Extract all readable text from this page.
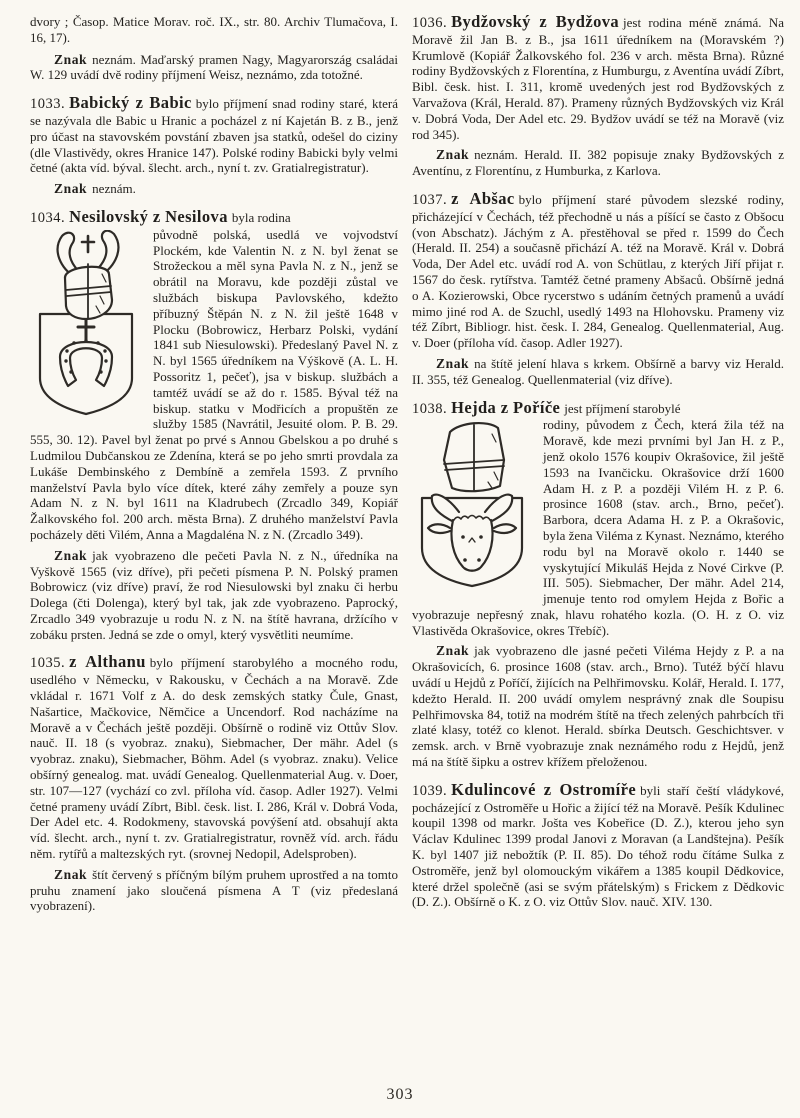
dvory ; Časop. Matice Morav. roč. IX., str. 80. Archiv Tlumačova, I. 16, 17).

Znak neznám. Maďarský pramen Nagy, Magyarország családai W. 129 uvádí dvě rodiny příjmení Weisz, neznámo, zda totožné.

1033. Babický z Babic bylo příjmení snad rodiny staré, která se nazývala dle Babic u Hranic a pocházel z ní Kajetán B. z B., jenž pro účast na stavovském povstání zbaven jsa statků, odešel do ciziny (dle Vlastivědy, okres Hranice 147). Polské rodiny Babicki byly velmi četné (akta víd. býval. šlecht. arch., nyní t. zv. Gratialregistratur).

Znak neznám.

1034. Nesilovský z Nesilova byla rodina

původně polská, usedlá ve vojvodství Plockém, kde Valentin N. z N. byl ženat se Strožeckou a měl syna Pavla N. z N., jenž se obrátil na Moravu, kde později zůstal ve službách biskupa Pavlovského, kdežto příbuzný Štěpán N. z N. žil ještě 1648 v Plocku (Bobrowicz, Herbarz Polski, vydání 1841 sub Niesulowski). Předeslaný Pavel N. z N. byl 1565 úředníkem na Výškově (A. L. H. Possoritz 1, pečeť), jsa v biskup. službách a tamtéž uvádí se až do r. 1585. Býval též na biskup. statku v Modřicích a propuštěn ze služby 1585 (Navrátil, Jesuité olom. P. B. 29. 555, 30. 12). Pavel byl ženat po prvé s Annou Gbelskou a po druhé s Ludmilou Dubčanskou ze Zdenína, která se po jeho smrti provdala za Lukáše Dembinského z Dembíně a zemřela 1593. Z prvního manželství Pavla bylo více dítek, které záhy zemřely a pouze syn Adam N. z N. byl 1611 na Kladrubech (Zrcadlo 349, Kopiář Žalkovského fol. 200 arch. města Brna). Z druhého manželství Pavla pocházely děti Vilém, Anna a Magdaléna N. z N. (Zrcadlo 349).

Znak jak vyobrazeno dle pečeti Pavla N. z N., úředníka na Vyškově 1565 (viz dříve), při pečeti písmena P. N. Polský pramen Bobrowicz (viz dříve) praví, že rod Niesulowski byl znaku či herbu Dolega (čti Dolenga), který byl tak, jak zde vyobrazeno. Paprocký, Zrcadlo 349 vyobrazuje u rodu N. z N. na štítě havrana, držícího v zobáku prsten. Jedná se zde o omyl, který vysvětliti neumíme.

1035. z Althanu bylo příjmení starobylého a mocného rodu, usedlého v Německu, v Rakousku, v Čechách a na Moravě. Zde vkládal r. 1671 Volf z A. do desk zemských statky Čule, Gnast, Našartice, Mačkovice, Němčice a Uncendorf. Rod nacházíme na Moravě a v Čechách ještě později. Obšírně o rodině viz Ottův Slov. nauč. II. 18 (s vyobraz. znaku), Siebmacher, Der mähr. Adel (s vyobraz. znaku), Siebmacher, Böhm. Adel (s vyobraz. znaku). Velice obšírný genealog. mat. uvádí Genealog. Quellenmaterial Aug. v. Doer, str. 107—127 (vychází co zvl. příloha víd. časop. Adler 1927). Velmi četné prameny uvádí Zíbrt, Bibl. česk. list. I. 286, Král v. Dobrá Voda, Der Adel etc. 4. Rodokmeny, stavovská povýšení atd. obsahují akta víd. šlecht. arch., nyní t. zv. Gratialregistratur, rovněž víd. arch. řádu něm. rytířů a maltezských ryt. (srovnej Nedopil, Adelsproben).

Znak štít červený s příčným bílým pruhem uprostřed a na tomto pruhu znamení jako sloučená písmena A T (viz předeslaná vyobrazení).

1036. Bydžovský z Bydžova jest rodina méně známá. Na Moravě žil Jan B. z B., jsa 1611 úředníkem na (Moravském ?) Krumlově (Kopiář Žalkovského fol. 236 v arch. města Brna). Různé rodiny Bydžovských z Florentína, z Humburgu, z Aventína uvádí Zíbrt, Bibl. česk. hist. I. 311, kromě uvedených jest rod Bydžovských z Varvažova (Král, Herald. 87). Prameny různých Bydžovských viz Král v. Dobrá Voda, Der Adel etc. 29. Bydžov uvádí se též na Moravě (viz rod 345).

Znak neznám. Herald. II. 382 popisuje znaky Bydžovských z Aventínu, z Florentínu, z Humburka, z Karlova.

1037. z Abšac bylo příjmení staré původem slezské rodiny, přicházející v Čechách, též přechodně u nás a píšící se často z Obšocu (von Abschatz). Jáchým z A. přestěhoval se před r. 1599 do Čech (Herald. II. 254) a současně přichází A. též na Moravě. Král v. Dobrá Voda, Der Adel etc. uvádí rod A. von Schütlau, z kterých Jiří přijat r. 1567 do česk. rytířstva. Tamtéž četné prameny Abšaců. Obšírně jedná o A. Kozierowski, Obce rycerstwo s udáním četných pramenů a uvádí mimo jiné rod A. de Szuchl, usedlý 1493 na Hlohovsku. Prameny viz též Zíbrt, Bibliogr. hist. česk. I. 284, Genealog. Quellenmaterial, Aug. v. Doer (příloha víd. časop. Adler 1927).

Znak na štítě jelení hlava s krkem. Obšírně a barvy viz Herald. II. 355, též Genealog. Quellenmaterial (viz dříve).

1038. Hejda z Poříče jest příjmení starobylé

rodiny, původem z Čech, která žila též na Moravě, kde mezi prvními byl Jan H. z P., jenž okolo 1576 koupiv Okrašovice, žil ještě 1593 na Ivančicku. Okrašovice drží 1600 Adam H. z P. a později Vilém H. z P. 6. prosince 1608 (stav. arch., Brno, pečeť). Barbora, dcera Adama H. z P. a Okrašovic, byla žena Viléma z Kynast. Neznámo, kterého rodu byl na Moravě okolo r. 1440 se vyskytující Mikuláš Hejda z Nové Cirkve (P. III. 505). Siebmacher, Der mähr. Adel 214, jmenuje tento rod omylem Hejda z Bořic a vyobrazuje nepřesný znak, hlavu rohatého kozla. (O. H. z O. viz Vlastivěda Okrašovice, okres Třebíč).

Znak jak vyobrazeno dle jasné pečeti Viléma Hejdy z P. a na Okrašovicích, 6. prosince 1608 (stav. arch., Brno). Tutéž býčí hlavu uvádí u Hejdů z Poříčí, žijících na Pelhřimovsku. Kolář, Herald. I. 177, kdežto Herald. II. 200 uvádí omylem nesprávný znak dle Soupisu Pelhřimovska 84, totiž na modrém štítě na třech zelených pahrbcích tři zlaté klasy, totéž co klenot. Herald. sbírka Deutsch. Geschichtsver. v zemsk. arch. v Brně vyobrazuje znak neznámého rodu z Hejdů, jenž má na štítě šipku a ostrev křížem přeloženou.

1039. Kdulincové z Ostromíře byli staří čeští vládykové, pocházející z Ostroměře u Hořic a žijící též na Moravě. Pešík Kdulinec koupil 1398 od markr. Jošta ves Kobeřice (D. Z.), kterou jeho syn Václav Kdulinec 1399 prodal Janovi z Moravan (a Landštejna). Pešík K. byl 1407 již nebožtík (P. II. 85). Do téhož rodu čítáme Sulka z Ostroměře, jenž byl olomouckým vikářem a 1385 koupil Dědkovice, které držel společně (asi se svým přátelským) s Frickem z Dědkovic (D. Z.). Obšírně o K. z O. viz Ottův Slov. nauč. XIV. 130.

303
